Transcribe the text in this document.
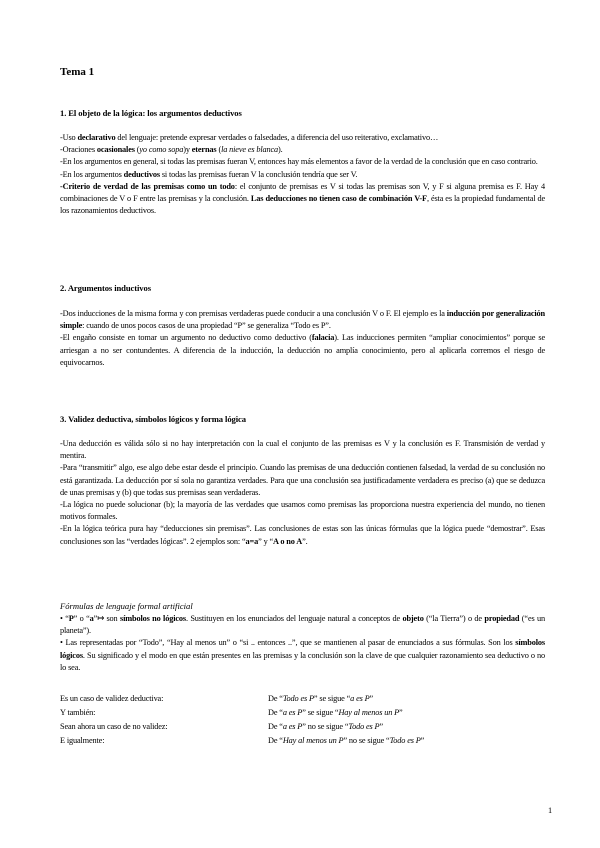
Tema 1
1. El objeto de la lógica: los argumentos deductivos
-Uso declarativo del lenguaje: pretende expresar verdades o falsedades, a diferencia del uso reiterativo, exclamativo…
-Oraciones ocasionales (yo como sopa)y eternas (la nieve es blanca).
-En los argumentos en general, si todas las premisas fueran V, entonces hay más elementos a favor de la verdad de la conclusión que en caso contrario.
-En los argumentos deductivos si todas las premisas fueran V la conclusión tendría que ser V.
-Criterio de verdad de las premisas como un todo: el conjunto de premisas es V si todas las premisas son V, y F si alguna premisa es F. Hay 4 combinaciones de V o F entre las premisas y la conclusión. Las deducciones no tienen caso de combinación V-F, ésta es la propiedad fundamental de los razonamientos deductivos.
2. Argumentos inductivos
-Dos inducciones de la misma forma y con premisas verdaderas puede conducir a una conclusión V o F. El ejemplo es la inducción por generalización simple: cuando de unos pocos casos de una propiedad “P” se generaliza “Todo es P”.
-El engaño consiste en tomar un argumento no deductivo como deductivo (falacia). Las inducciones permiten “ampliar conocimientos” porque se arriesgan a no ser contundentes. A diferencia de la inducción, la deducción no amplía conocimiento, pero al aplicarla corremos el riesgo de equivocarnos.
3. Validez deductiva, símbolos lógicos y forma lógica
-Una deducción es válida sólo si no hay interpretación con la cual el conjunto de las premisas es V y la conclusión es F. Transmisión de verdad y mentira.
-Para “transmitir” algo, ese algo debe estar desde el principio. Cuando las premisas de una deducción contienen falsedad, la verdad de su conclusión no está garantizada. La deducción por sí sola no garantiza verdades. Para que una conclusión sea justificadamente verdadera es preciso (a) que se deduzca de unas premisas y (b) que todas sus premisas sean verdaderas.
-La lógica no puede solucionar (b); la mayoría de las verdades que usamos como premisas las proporciona nuestra experiencia del mundo, no tienen motivos formales.
-En la lógica teórica pura hay “deducciones sin premisas”. Las conclusiones de estas son las únicas fórmulas que la lógica puede “demostrar”. Esas conclusiones son las “verdades lógicas”. 2 ejemplos son: “a=a” y “A o no A”.
Fórmulas de lenguaje formal artificial
• “P” o “a”↦ son símbolos no lógicos. Sustituyen en los enunciados del lenguaje natural a conceptos de objeto (“la Tierra”) o de propiedad (“es un planeta”).
• Las representadas por “Todo”, “Hay al menos un” o “si .. entonces ..”, que se mantienen al pasar de enunciados a sus fórmulas. Son los símbolos lógicos. Su significado y el modo en que están presentes en las premisas y la conclusión son la clave de que cualquier razonamiento sea deductivo o no lo sea.
Es un caso de validez deductiva:	De “Todo es P” se sigue “a es P”
Y también:	De “a es P” se sigue “Hay al menos un P”
Sean ahora un caso de no validez:	De “a es P” no se sigue “Todo es P”
E igualmente:	De “Hay al menos un P” no se sigue “Todo es P”
1
